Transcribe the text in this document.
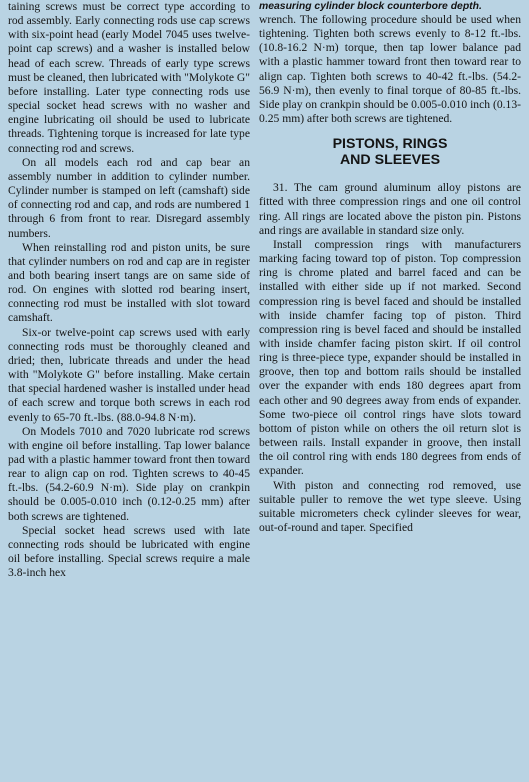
taining screws must be correct type according to rod assembly. Early connecting rods use cap screws with six-point head (early Model 7045 uses twelve-point cap screws) and a washer is installed below head of each screw. Threads of early type screws must be cleaned, then lubricated with "Molykote G" before installing. Later type connecting rods use special socket head screws with no washer and engine lubricating oil should be used to lubricate threads. Tightening torque is increased for late type connecting rod and screws.

On all models each rod and cap bear an assembly number in addition to cylinder number. Cylinder number is stamped on left (camshaft) side of connecting rod and cap, and rods are numbered 1 through 6 from front to rear. Disregard assembly numbers.

When reinstalling rod and piston units, be sure that cylinder numbers on rod and cap are in register and both bearing insert tangs are on same side of rod. On engines with slotted rod bearing insert, connecting rod must be installed with slot toward camshaft.

Six-or twelve-point cap screws used with early connecting rods must be thoroughly cleaned and dried; then, lubricate threads and under the head with "Molykote G" before installing. Make certain that special hardened washer is installed under head of each screw and torque both screws in each rod evenly to 65-70 ft.-lbs. (88.0-94.8 N·m).

On Models 7010 and 7020 lubricate rod screws with engine oil before installing. Tap lower balance pad with a plastic hammer toward front then toward rear to align cap on rod. Tighten screws to 40-45 ft.-lbs. (54.2-60.9 N·m). Side play on crankpin should be 0.005-0.010 inch (0.12-0.25 mm) after both screws are tightened.

Special socket head screws used with late connecting rods should be lubricated with engine oil before installing. Special screws require a male 3.8-inch hex

measuring cylinder block counterbore depth.

wrench. The following procedure should be used when tightening. Tighten both screws evenly to 8-12 ft.-lbs. (10.8-16.2 N·m) torque, then tap lower balance pad with a plastic hammer toward front then toward rear to align cap. Tighten both screws to 40-42 ft.-lbs. (54.2-56.9 N·m), then evenly to final torque of 80-85 ft.-lbs. Side play on crankpin should be 0.005-0.010 inch (0.13-0.25 mm) after both screws are tightened.

PISTONS, RINGS
AND SLEEVES

31. The cam ground aluminum alloy pistons are fitted with three compression rings and one oil control ring. All rings are located above the piston pin. Pistons and rings are available in standard size only.

Install compression rings with manufacturers marking facing toward top of piston. Top compression ring is chrome plated and barrel faced and can be installed with either side up if not marked. Second compression ring is bevel faced and should be installed with inside chamfer facing top of piston. Third compression ring is bevel faced and should be installed with inside chamfer facing piston skirt. If oil control ring is three-piece type, expander should be installed in groove, then top and bottom rails should be installed over the expander with ends 180 degrees apart from each other and 90 degrees away from ends of expander. Some two-piece oil control rings have slots toward bottom of piston while on others the oil return slot is between rails. Install expander in groove, then install the oil control ring with ends 180 degrees from ends of expander.

With piston and connecting rod removed, use suitable puller to remove the wet type sleeve. Using suitable micrometers check cylinder sleeves for wear, out-of-round and taper. Specified
